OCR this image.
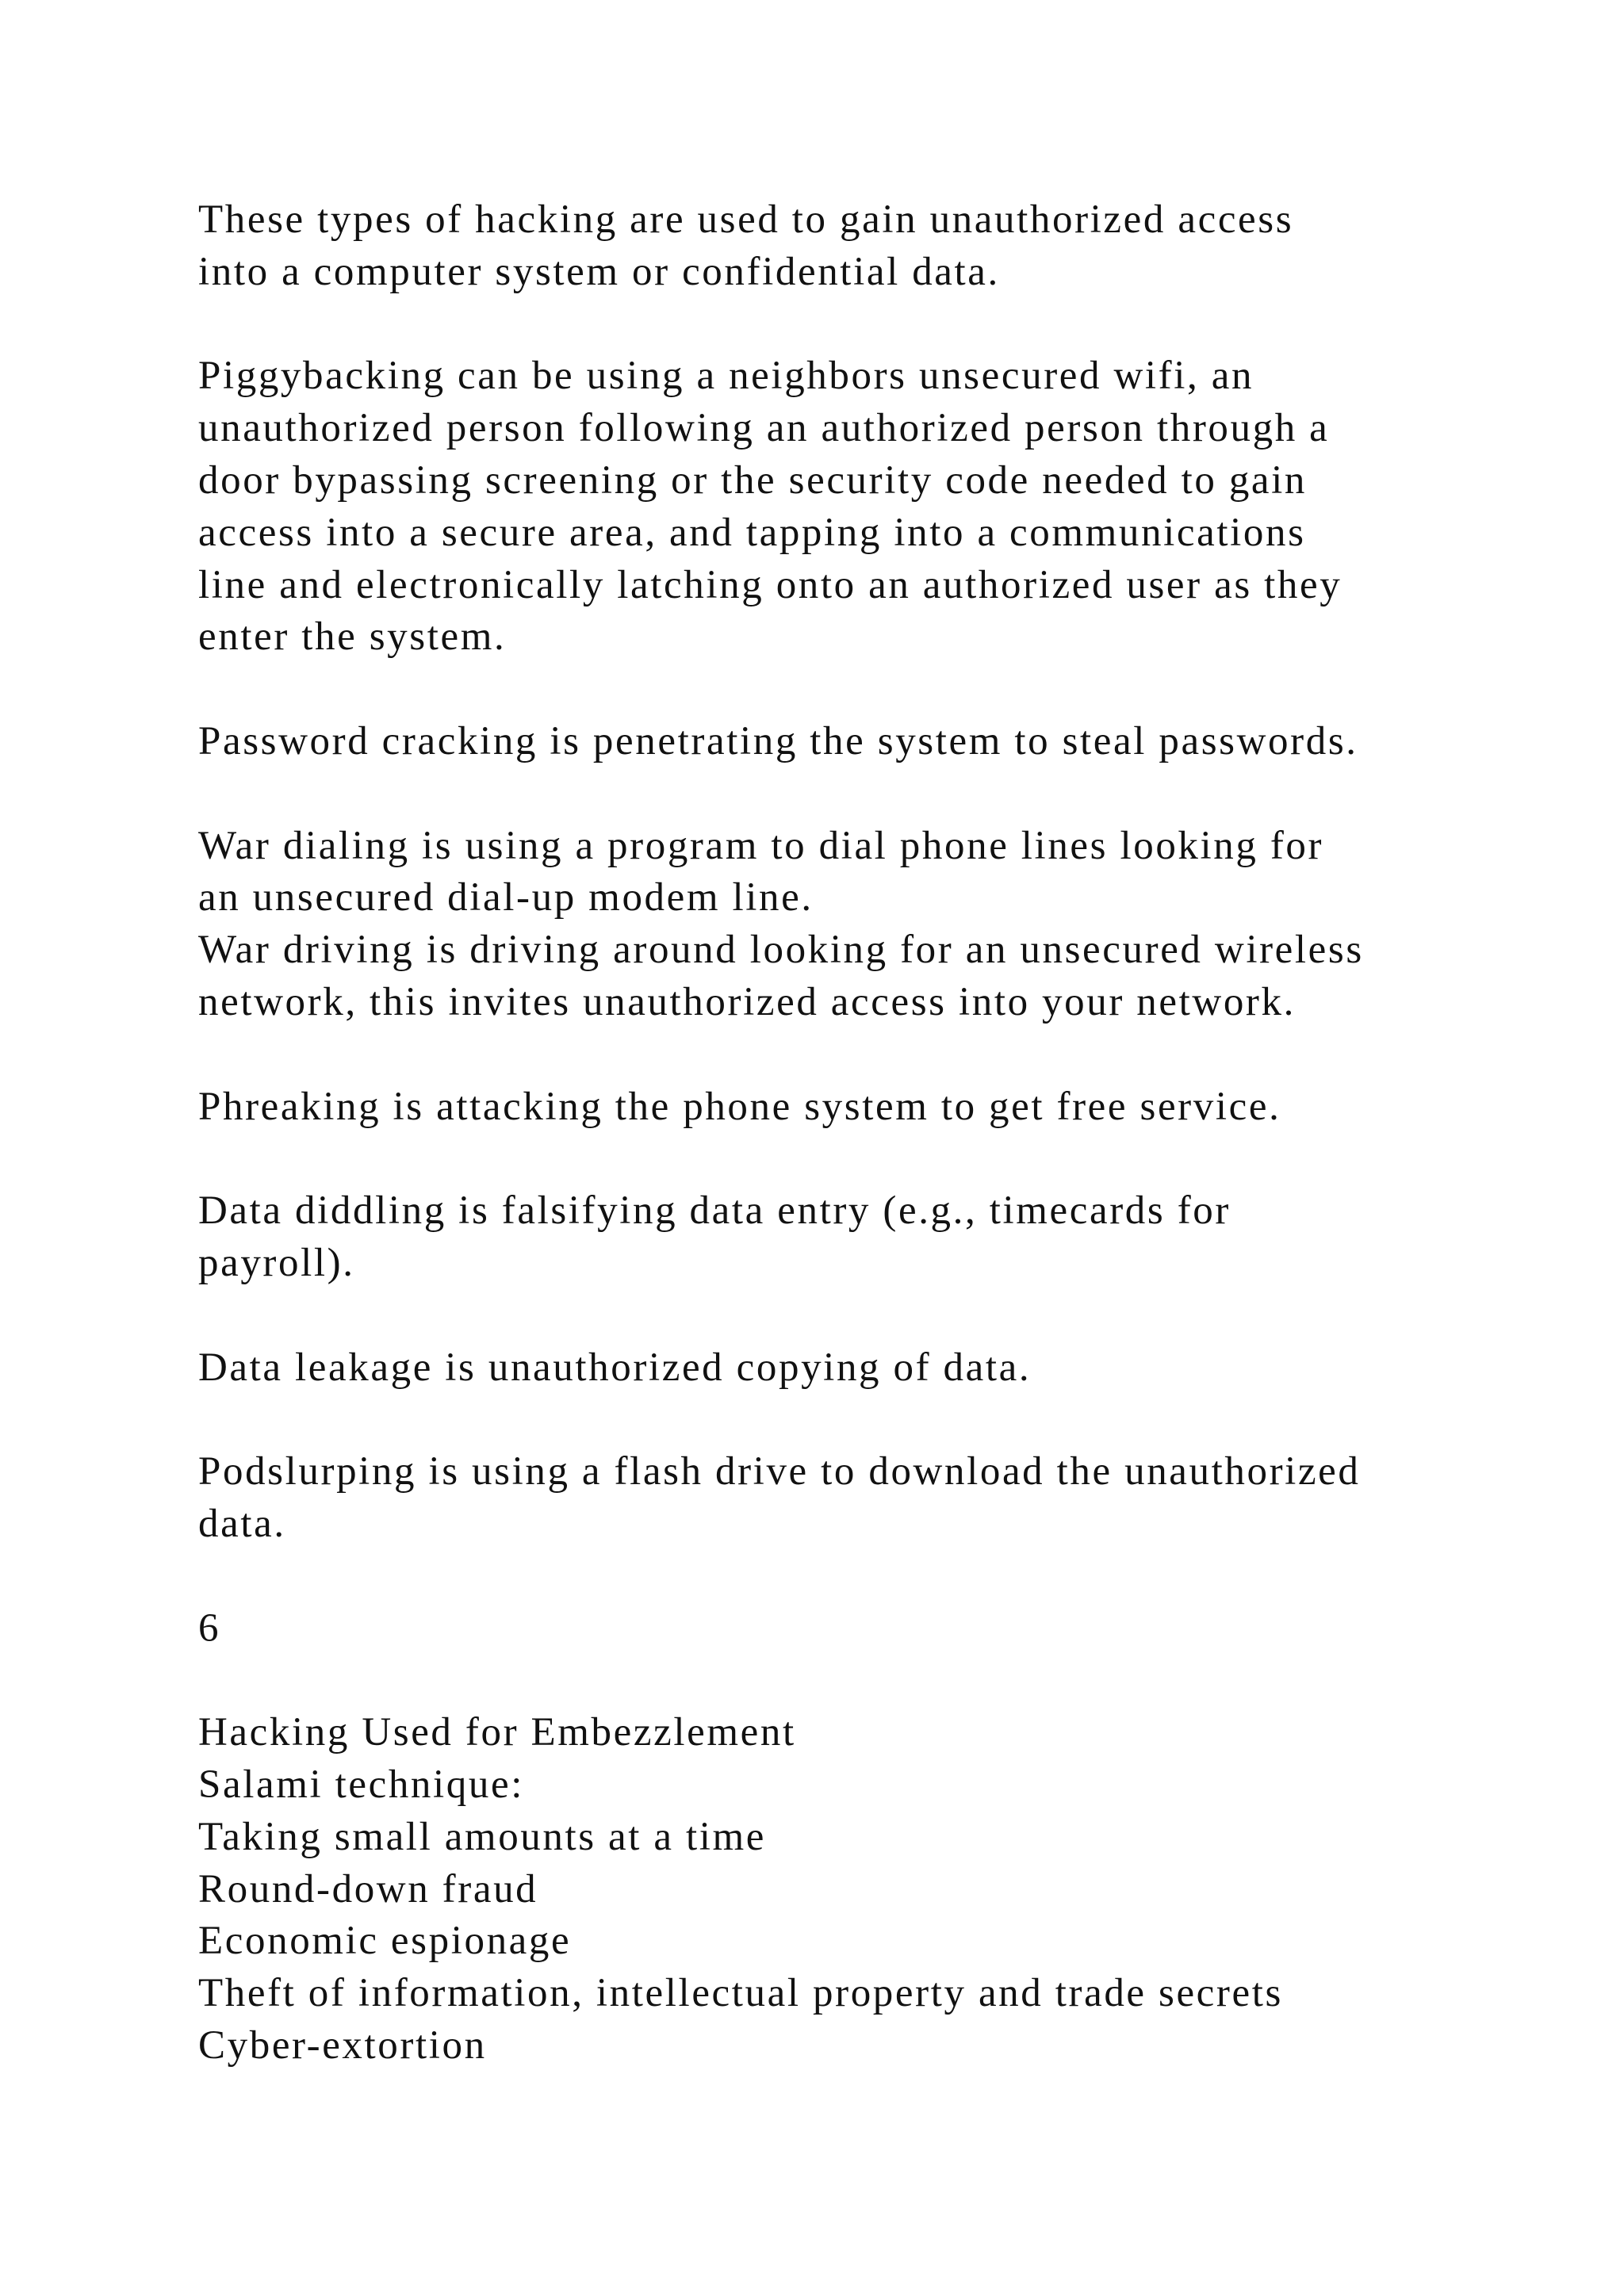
These types of hacking are used to gain unauthorized access
into a computer system or confidential data.
Piggybacking can be using a neighbors unsecured wifi, an
unauthorized person following an authorized person through a
door bypassing screening or the security code needed to gain
access into a secure area, and tapping into a communications
line and electronically latching onto an authorized user as they
enter the system.
Password cracking is penetrating the system to steal passwords.
War dialing is using a program to dial phone lines looking for
an unsecured dial-up modem line.
War driving is driving around looking for an unsecured wireless
network, this invites unauthorized access into your network.
Phreaking is attacking the phone system to get free service.
Data diddling is falsifying data entry (e.g., timecards for
payroll).
Data leakage is unauthorized copying of data.
Podslurping is using a flash drive to download the unauthorized
data.
6
Hacking Used for Embezzlement
Salami technique:
Taking small amounts at a time
Round-down fraud
Economic espionage
Theft of information, intellectual property and trade secrets
Cyber-extortion
